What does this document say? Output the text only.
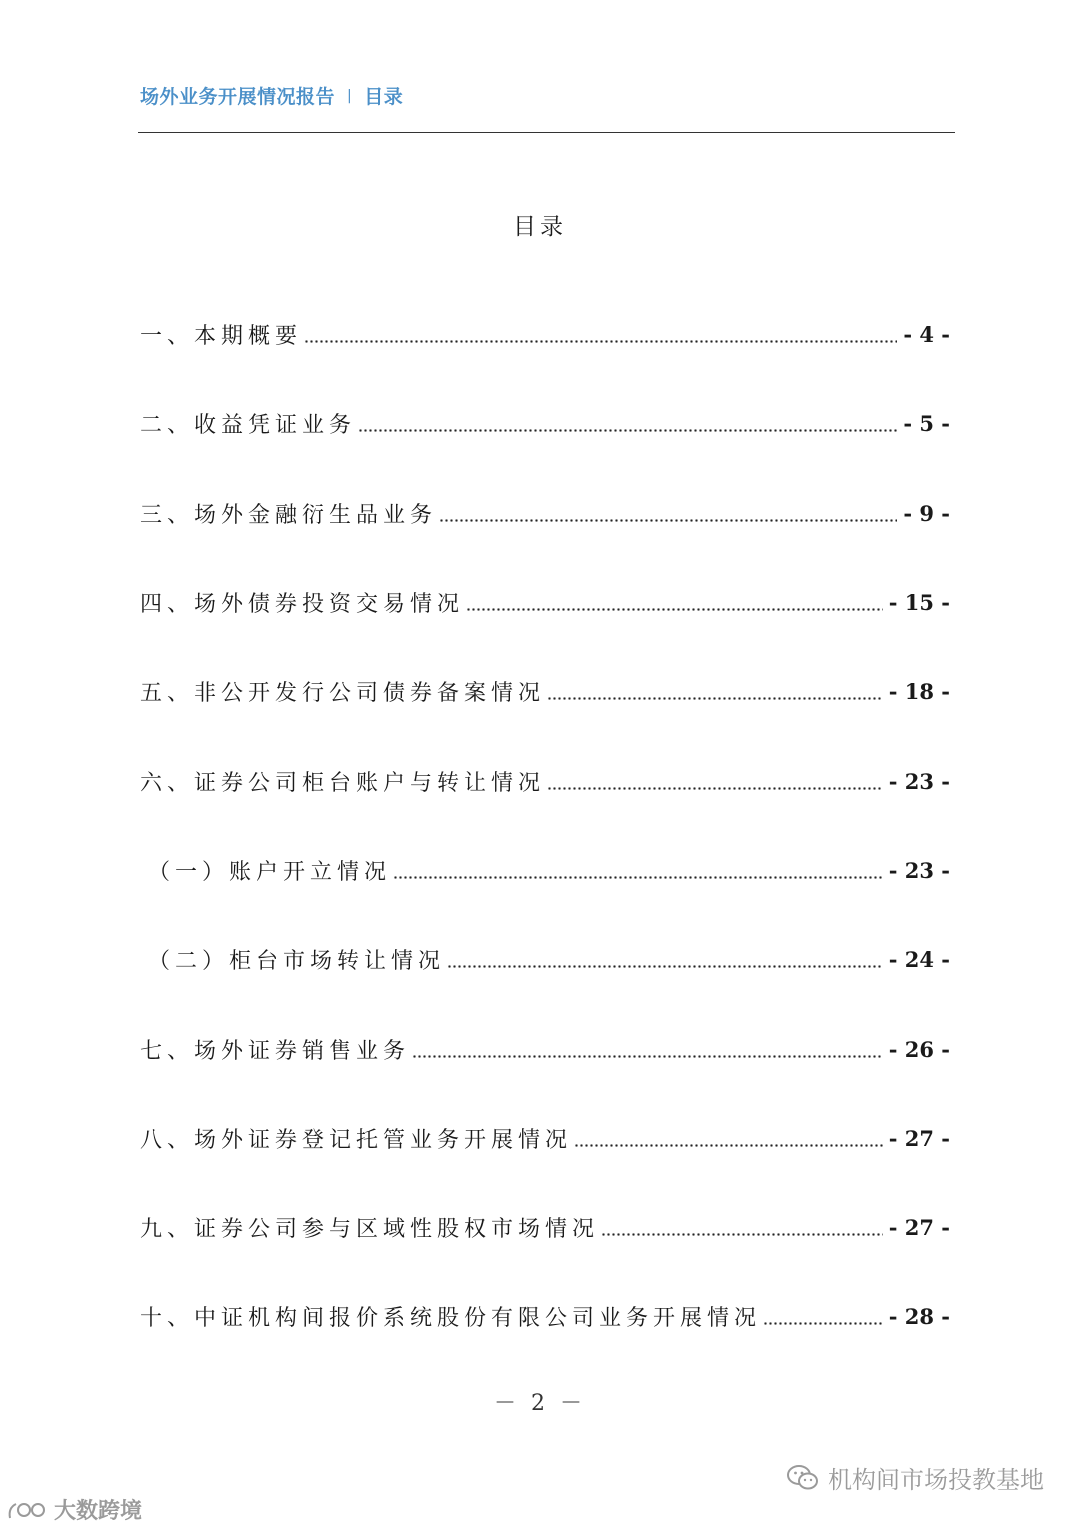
场外业务开展情况报告 | 目录
目录
一、本期概要	- 4 -
二、收益凭证业务	- 5 -
三、场外金融衍生品业务	- 9 -
四、场外债券投资交易情况	- 15 -
五、非公开发行公司债券备案情况	- 18 -
六、证券公司柜台账户与转让情况	- 23 -
（一）账户开立情况	- 23 -
（二）柜台市场转让情况	- 24 -
七、场外证券销售业务	- 26 -
八、场外证券登记托管业务开展情况	- 27 -
九、证券公司参与区域性股权市场情况	- 27 -
十、中证机构间报价系统股份有限公司业务开展情况	- 28 -
－ 2 －
机构间市场投教基地
大数跨境
